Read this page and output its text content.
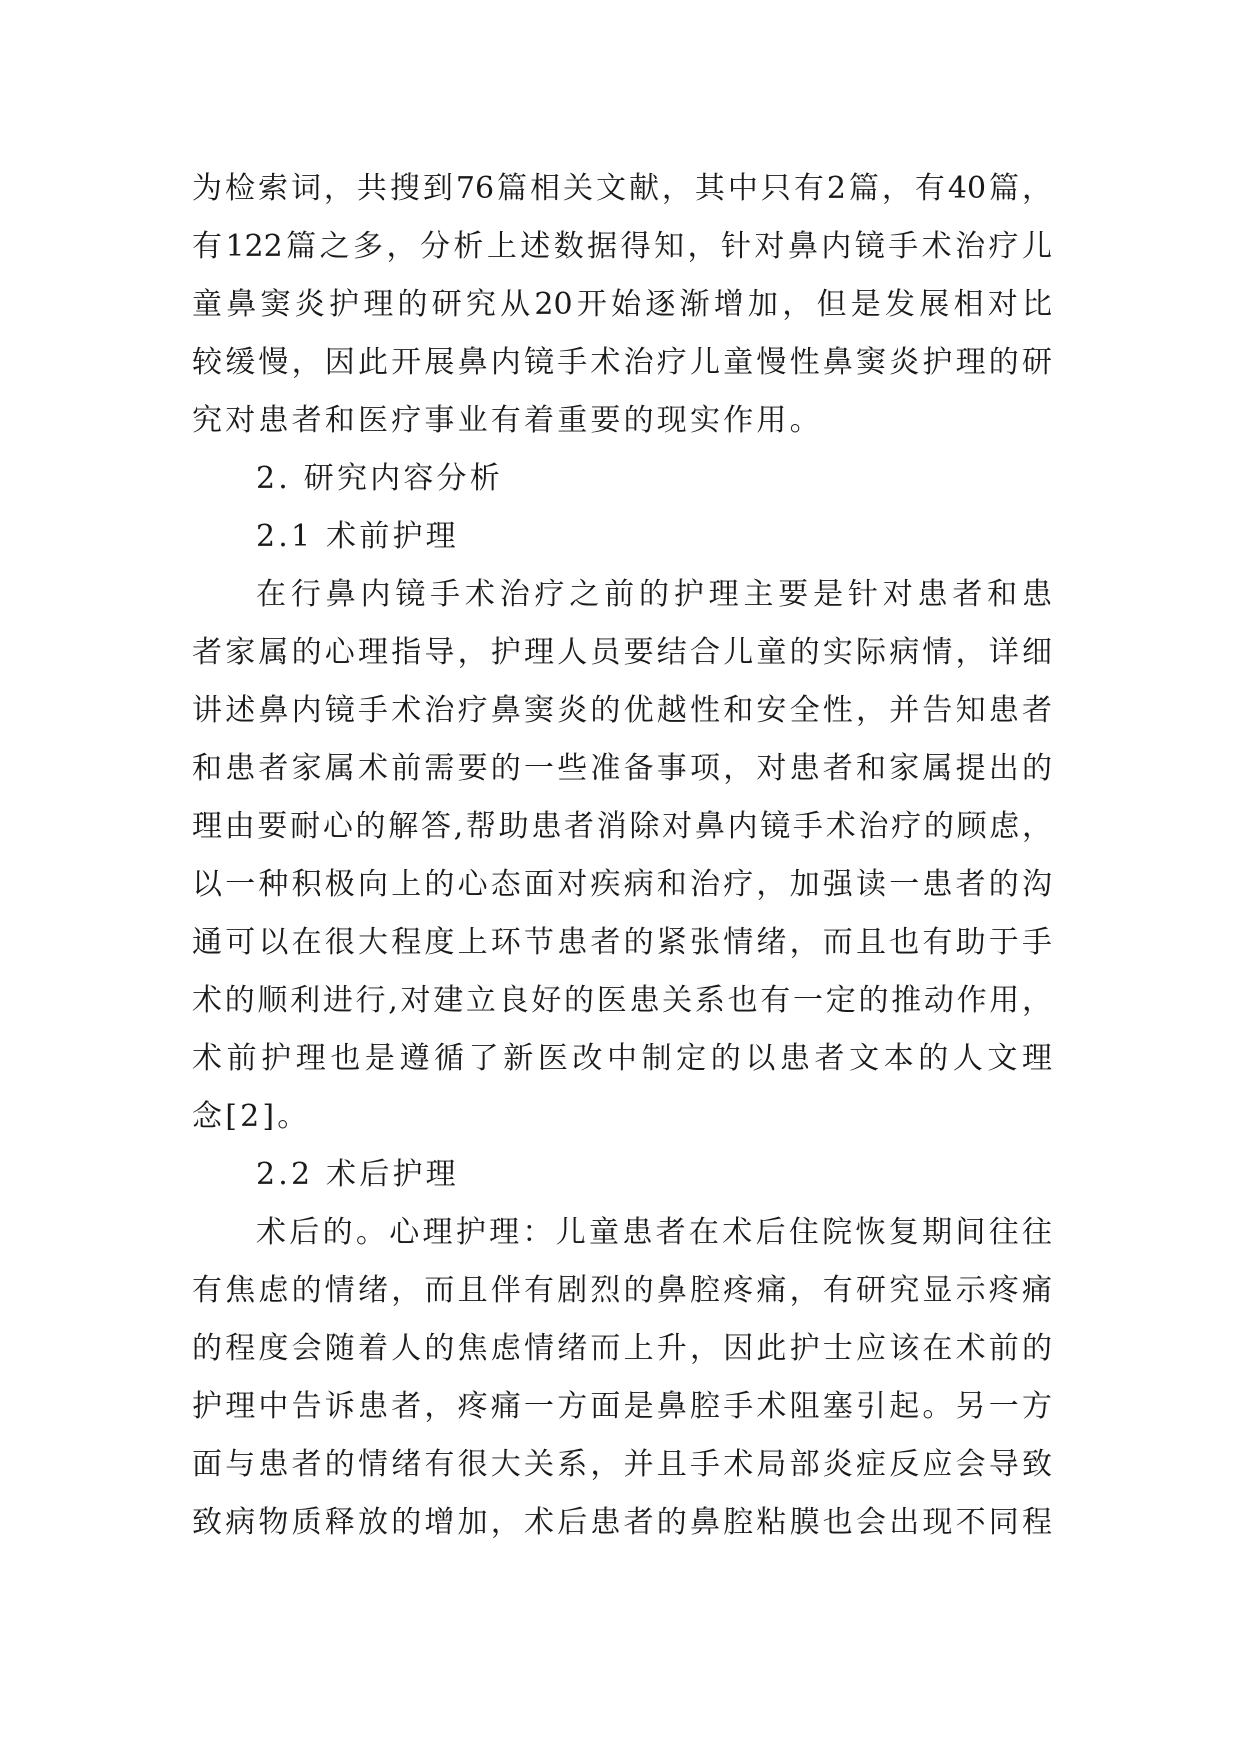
为检索词，共搜到76篇相关文献，其中只有2篇，有40篇，
有122篇之多，分析上述数据得知，针对鼻内镜手术治疗儿
童鼻窦炎护理的研究从20开始逐渐增加，但是发展相对比
较缓慢，因此开展鼻内镜手术治疗儿童慢性鼻窦炎护理的研
究对患者和医疗事业有着重要的现实作用。
2. 研究内容分析
2.1 术前护理
在行鼻内镜手术治疗之前的护理主要是针对患者和患
者家属的心理指导，护理人员要结合儿童的实际病情，详细
讲述鼻内镜手术治疗鼻窦炎的优越性和安全性，并告知患者
和患者家属术前需要的一些准备事项，对患者和家属提出的
理由要耐心的解答,帮助患者消除对鼻内镜手术治疗的顾虑，
以一种积极向上的心态面对疾病和治疗，加强读一患者的沟
通可以在很大程度上环节患者的紧张情绪，而且也有助于手
术的顺利进行,对建立良好的医患关系也有一定的推动作用，
术前护理也是遵循了新医改中制定的以患者文本的人文理
念[2]。
2.2 术后护理
术后的。心理护理：儿童患者在术后住院恢复期间往往
有焦虑的情绪，而且伴有剧烈的鼻腔疼痛，有研究显示疼痛
的程度会随着人的焦虑情绪而上升，因此护士应该在术前的
护理中告诉患者，疼痛一方面是鼻腔手术阻塞引起。另一方
面与患者的情绪有很大关系，并且手术局部炎症反应会导致
致病物质释放的增加，术后患者的鼻腔粘膜也会出现不同程
